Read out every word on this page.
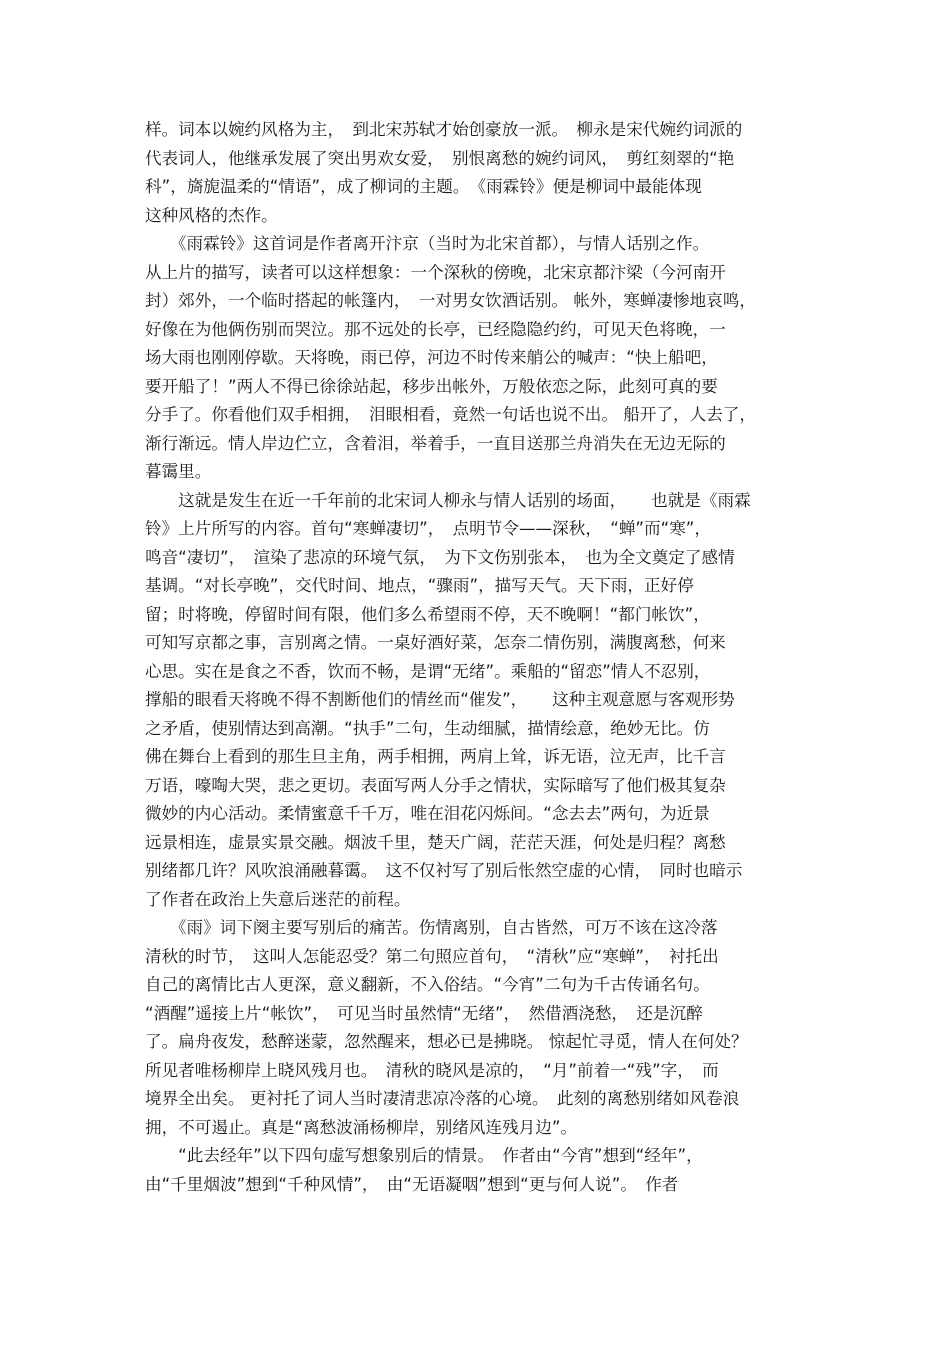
样。词本以婉约风格为主，　到北宋苏轼才始创豪放一派。　柳永是宋代婉约词派的
代表词人，他继承发展了突出男欢女爱，　别恨离愁的婉约词风，　剪红刻翠的“艳
科”，旖旎温柔的“情语”，成了柳词的主题。　《雨霖铃》便是柳词中最能体现
这种风格的杰作。
　　《雨霖铃》这首词是作者离开汴京（当时为北宋首都），与情人话别之作。
从上片的描写，读者可以这样想象：一个深秋的傍晚，北宋京都汴梁（今河南开
封）郊外，一个临时搭起的帐篷内，　一对男女饮酒话别。 帐外，寒蝉凄惨地哀鸣，
好像在为他俩伤别而哭泣。那不远处的长亭，已经隐隐约约，可见天色将晚，一
场大雨也刚刚停歇。天将晚，雨已停，河边不时传来艄公的喊声：“快上船吧，
要开船了！”两人不得已徐徐站起，移步出帐外，万般依恋之际，此刻可真的要
分手了。你看他们双手相拥，　泪眼相看，竟然一句话也说不出。 船开了，人去了，
渐行渐远。情人岸边伫立，含着泪，举着手，一直目送那兰舟消失在无边无际的
暮霭里。
　　这就是发生在近一千年前的北宋词人柳永与情人话别的场面，　　也就是《雨霖
铃》上片所写的内容。首句“寒蝉凄切”，　点明节令——深秋，　“蝉”而“寒”，
鸣音“凄切”，　渲染了悲凉的环境气氛，　为下文伤别张本，　也为全文奠定了感情
基调。“对长亭晚”，交代时间、地点，“骤雨”，描写天气。天下雨，正好停
留；时将晚，停留时间有限，他们多么希望雨不停，天不晚啊！“都门帐饮”，
可知写京都之事，言别离之情。一桌好酒好菜，怎奈二情伤别，满腹离愁，何来
心思。实在是食之不香，饮而不畅，是谓“无绪”。乘船的“留恋”情人不忍别，
撑船的眼看天将晚不得不割断他们的情丝而“催发”，　　这种主观意愿与客观形势
之矛盾，使别情达到高潮。“执手”二句，生动细腻，描情绘意，绝妙无比。仿
佛在舞台上看到的那生旦主角，两手相拥，两肩上耸，诉无语，泣无声，比千言
万语，嚎啕大哭，悲之更切。表面写两人分手之情状，实际暗写了他们极其复杂
微妙的内心活动。柔情蜜意千千万，唯在泪花闪烁间。“念去去”两句，为近景
远景相连，虚景实景交融。烟波千里，楚天广阔，茫茫天涯，何处是归程？离愁
别绪都几许？风吹浪涌融暮霭。　这不仅衬写了别后怅然空虚的心情，　同时也暗示
了作者在政治上失意后迷茫的前程。
　　《雨》词下阕主要写别后的痛苦。伤情离别，自古皆然，可万不该在这冷落
清秋的时节，　这叫人怎能忍受？第二句照应首句，　“清秋”应“寒蝉”，　衬托出
自己的离情比古人更深，意义翻新，不入俗结。“今宵”二句为千古传诵名句。
“酒醒”遥接上片“帐饮”，　可见当时虽然情“无绪”，　然借酒浇愁，　还是沉醉
了。扁舟夜发，愁醉迷蒙，忽然醒来，想必已是拂晓。 惊起忙寻觅，情人在何处？
所见者唯杨柳岸上晓风残月也。　清秋的晓风是凉的，　“月”前着一“残”字，　而
境界全出矣。 更衬托了词人当时凄清悲凉冷落的心境。　此刻的离愁别绪如风卷浪
拥，不可遏止。真是“离愁波涌杨柳岸，别绪风连残月边”。
　　“此去经年”以下四句虚写想象别后的情景。　作者由“今宵”想到“经年”，
由“千里烟波”想到“千种风情”，　由“无语凝咽”想到“更与何人说”。　作者
